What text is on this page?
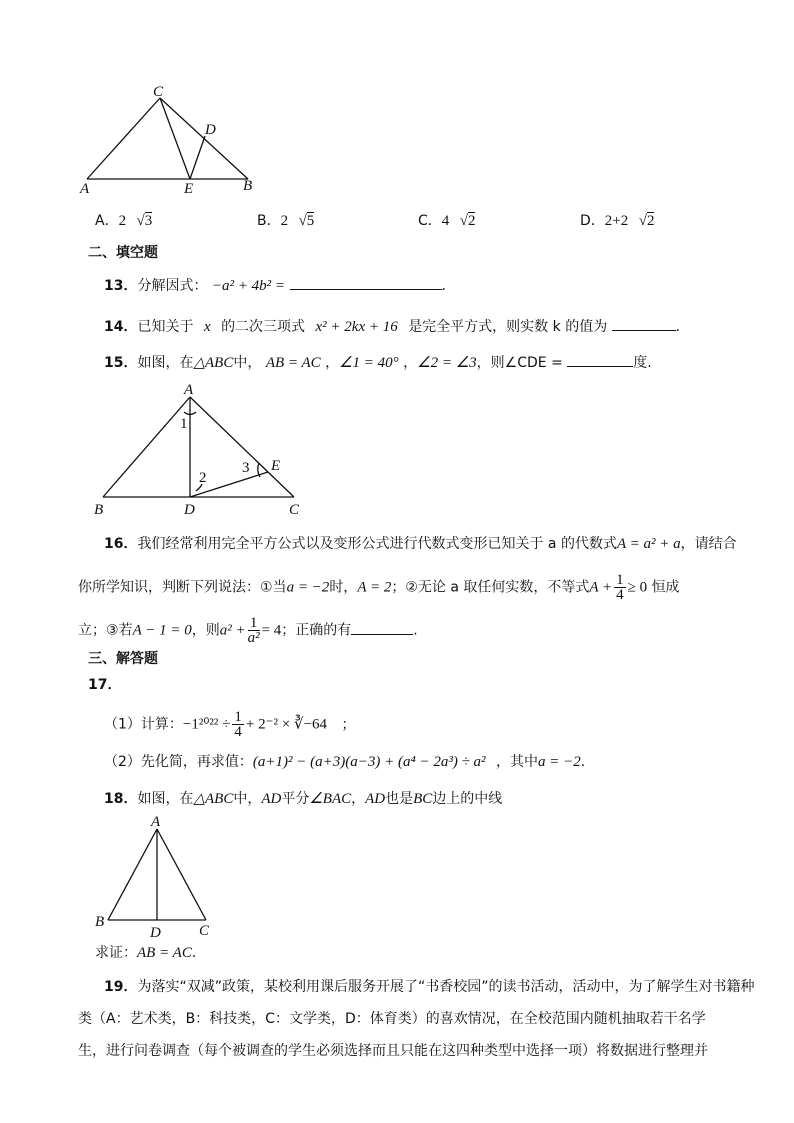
C
D
A	E	B
A．2 √3	B．2 √5	C．4 √2	D．2+2 √2
二、填空题
13．分解因式： −a² + 4b² =	.
14．已知关于 x 的二次三项式 x² + 2kx + 16 是完全平方式，则实数 k 的值为	．
15．如图，在△ABC中， AB = AC ，∠1 = 40° ，∠2 = ∠3，则∠CDE =	度.
A
1
2
3 E
B	D	C
16．我们经常利用完全平方公式以及变形公式进行代数式变形已知关于 a 的代数式A = a² + a，请结合
你所学知识，判断下列说法：①当a = −2时，A = 2；②无论 a 取任何实数，不等式$A + \frac{1}{4} \ge 0$ 恒成
立；③若A − 1 = 0，则$a^2 + \frac{1}{\text{a²}} = 4$；正确的有	.
三、解答题
17．
（1）计算：$-1^{2022} \div \frac{1}{4} + 2^{-2}$ × ∛−64 ；
（2）先化简，再求值：(a+1)² − (a+3)(a−3) + (a⁴ − 2a³) ÷ a² ，其中a = −2.
18．如图，在△ABC中，AD平分∠BAC，AD也是BC边上的中线
A
B
D	C
求证：AB = AC.
19．为落实“双减”政策，某校利用课后服务开展了“书香校园”的读书活动，活动中，为了解学生对书籍种
类（A：艺术类，B：科技类，C：文学类，D：体育类）的喜欢情况，在全校范围内随机抽取若干名学
生，进行问卷调查（每个被调查的学生必须选择而且只能在这四种类型中选择一项）将数据进行整理并
